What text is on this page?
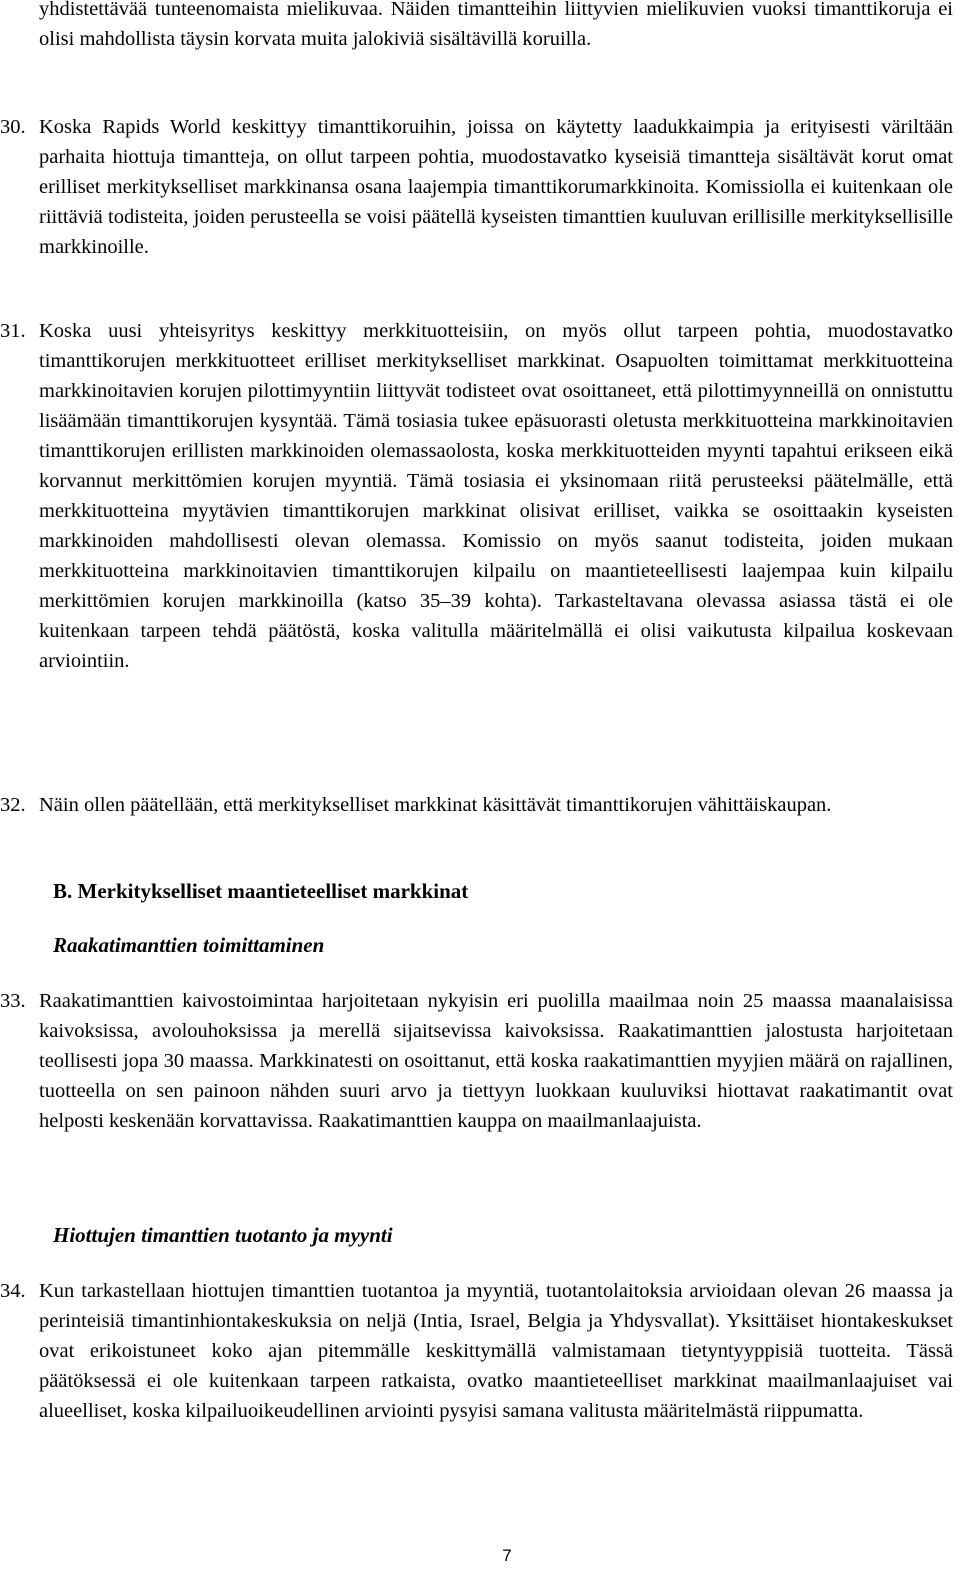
yhdistettävää tunteenomaista mielikuvaa. Näiden timantteihin liittyvien mielikuvien vuoksi timanttikoruja ei olisi mahdollista täysin korvata muita jalokiviä sisältävillä koruilla.

30. Koska Rapids World keskittyy timanttikoruihin, joissa on käytetty laadukkaimpia ja erityisesti väriltään parhaita hiottuja timantteja, on ollut tarpeen pohtia, muodostavatko kyseisiä timantteja sisältävät korut omat erilliset merkitykselliset markkinansa osana laajempia timanttikorumarkkinoita. Komissiolla ei kuitenkaan ole riittäviä todisteita, joiden perusteella se voisi päätellä kyseisten timanttien kuuluvan erillisille merkityksellisille markkinoille.
31. Koska uusi yhteisyritys keskittyy merkkituotteisiin, on myös ollut tarpeen pohtia, muodostavatko timanttikorujen merkkituotteet erilliset merkitykselliset markkinat. Osapuolten toimittamat merkkituotteina markkinoitavien korujen pilottimyyntiin liittyvät todisteet ovat osoittaneet, että pilottimyynneillä on onnistuttu lisäämään timanttikorujen kysyntää. Tämä tosiasia tukee epäsuorasti oletusta merkkituotteina markkinoitavien timanttikorujen erillisten markkinoiden olemassaolosta, koska merkkituotteiden myynti tapahtui erikseen eikä korvannut merkittömien korujen myyntiä. Tämä tosiasia ei yksinomaan riitä perusteeksi päätelmälle, että merkkituotteina myytävien timanttikorujen markkinat olisivat erilliset, vaikka se osoittaakin kyseisten markkinoiden mahdollisesti olevan olemassa. Komissio on myös saanut todisteita, joiden mukaan merkkituotteina markkinoitavien timanttikorujen kilpailu on maantieteellisesti laajempaa kuin kilpailu merkittömien korujen markkinoilla (katso 35–39 kohta). Tarkasteltavana olevassa asiassa tästä ei ole kuitenkaan tarpeen tehdä päätöstä, koska valitulla määritelmällä ei olisi vaikutusta kilpailua koskevaan arviointiin.
32. Näin ollen päätellään, että merkitykselliset markkinat käsittävät timanttikorujen vähittäiskaupan.
B. Merkitykselliset maantieteelliset markkinat
Raakatimanttien toimittaminen
33. Raakatimanttien kaivostoimintaa harjoitetaan nykyisin eri puolilla maailmaa noin 25 maassa maanalaisissa kaivoksissa, avolouhoksissa ja merellä sijaitsevissa kaivoksissa. Raakatimanttien jalostusta harjoitetaan teollisesti jopa 30 maassa. Markkinatesti on osoittanut, että koska raakatimanttien myyjien määrä on rajallinen, tuotteella on sen painoon nähden suuri arvo ja tiettyyn luokkaan kuuluviksi hiottavat raakatimantit ovat helposti keskenään korvattavissa. Raakatimanttien kauppa on maailmanlaajuista.
Hiottujen timanttien tuotanto ja myynti
34. Kun tarkastellaan hiottujen timanttien tuotantoa ja myyntiä, tuotantolaitoksia arvioidaan olevan 26 maassa ja perinteisiä timantinhiontakeskuksia on neljä (Intia, Israel, Belgia ja Yhdysvallat). Yksittäiset hiontakeskukset ovat erikoistuneet koko ajan pitemmälle keskittymällä valmistamaan tietyntyyppisiä tuotteita. Tässä päätöksessä ei ole kuitenkaan tarpeen ratkaista, ovatko maantieteelliset markkinat maailmanlaajuiset vai alueelliset, koska kilpailuoikeudellinen arviointi pysyisi samana valitusta määritelmästä riippumatta.
7
